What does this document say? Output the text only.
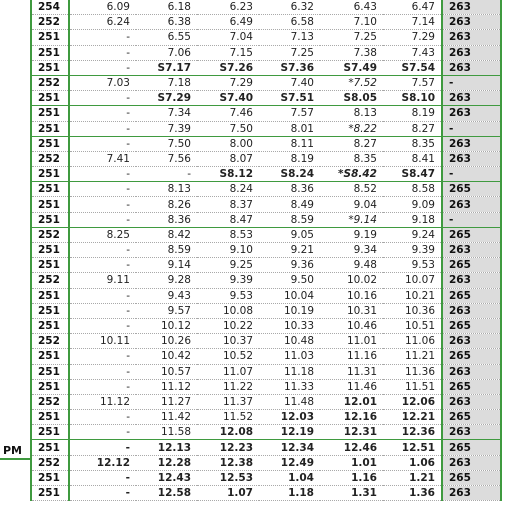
PM
254	6.09	6.18	6.23	6.32	6.43	6.47	263
252	6.24	6.38	6.49	6.58	7.10	7.14	263
251	-	6.55	7.04	7.13	7.25	7.29	263
251	-	7.06	7.15	7.25	7.38	7.43	263
251	-	S7.17	S7.26	S7.36	S7.49	S7.54	263
252	7.03	7.18	7.29	7.40	*7.52	7.57	-
251	-	S7.29	S7.40	S7.51	S8.05	S8.10	263
251	-	7.34	7.46	7.57	8.13	8.19	263
251	-	7.39	7.50	8.01	*8.22	8.27	-
251	-	7.50	8.00	8.11	8.27	8.35	263
252	7.41	7.56	8.07	8.19	8.35	8.41	263
251	-	-	S8.12	S8.24	*S8.42	S8.47	-
251	-	8.13	8.24	8.36	8.52	8.58	265
251	-	8.26	8.37	8.49	9.04	9.09	263
251	-	8.36	8.47	8.59	*9.14	9.18	-
252	8.25	8.42	8.53	9.05	9.19	9.24	265
251	-	8.59	9.10	9.21	9.34	9.39	263
251	-	9.14	9.25	9.36	9.48	9.53	265
252	9.11	9.28	9.39	9.50	10.02	10.07	263
251	-	9.43	9.53	10.04	10.16	10.21	265
251	-	9.57	10.08	10.19	10.31	10.36	263
251	-	10.12	10.22	10.33	10.46	10.51	265
252	10.11	10.26	10.37	10.48	11.01	11.06	263
251	-	10.42	10.52	11.03	11.16	11.21	265
251	-	10.57	11.07	11.18	11.31	11.36	263
251	-	11.12	11.22	11.33	11.46	11.51	265
252	11.12	11.27	11.37	11.48	12.01	12.06	263
251	-	11.42	11.52	12.03	12.16	12.21	265
251	-	11.58	12.08	12.19	12.31	12.36	263
251	-	12.13	12.23	12.34	12.46	12.51	265
252	12.12	12.28	12.38	12.49	1.01	1.06	263
251	-	12.43	12.53	1.04	1.16	1.21	265
251	-	12.58	1.07	1.18	1.31	1.36	263
